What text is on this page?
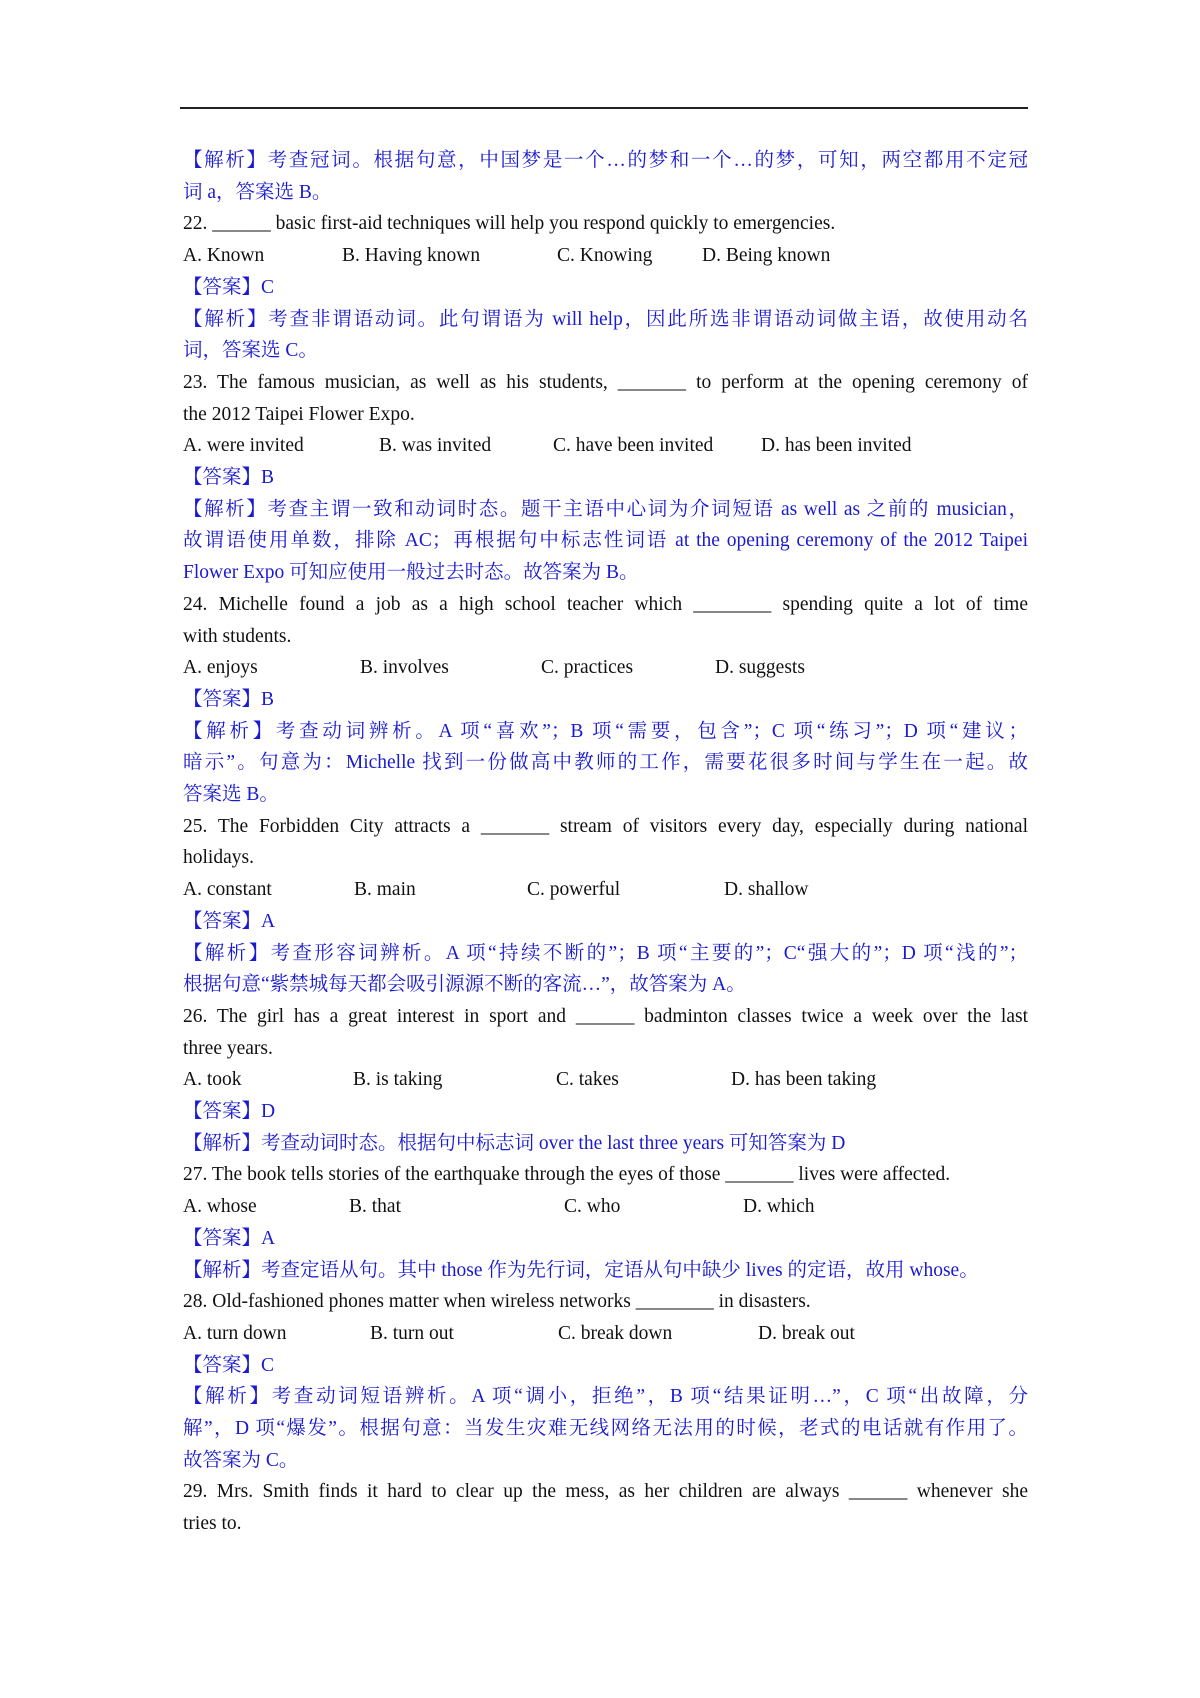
【解析】考查冠词。根据句意，中国梦是一个…的梦和一个…的梦，可知，两空都用不定冠
词 a，答案选 B。
22. ______ basic first-aid techniques will help you respond quickly to emergencies.
A. Known	B. Having known	C. Knowing	D. Being known
【答案】C
【解析】考查非谓语动词。此句谓语为 will help，因此所选非谓语动词做主语，故使用动名
词，答案选 C。
23. The famous musician, as well as his students, _______ to perform at the opening ceremony of
the 2012 Taipei Flower Expo.
A. were invited	B. was invited	C. have been invited D. has been invited
【答案】B
【解析】考查主谓一致和动词时态。题干主语中心词为介词短语 as well as 之前的 musician，
故谓语使用单数，排除 AC；再根据句中标志性词语 at the opening ceremony of the 2012 Taipei
Flower Expo 可知应使用一般过去时态。故答案为 B。
24. Michelle found a job as a high school teacher which ________ spending quite a lot of time
with students.
A. enjoys	B. involves	C. practices	D. suggests
【答案】B
【解析】考查动词辨析。A 项“喜欢”；B 项“需要，包含”；C 项“练习”；D 项“建议；
暗示”。句意为：Michelle 找到一份做高中教师的工作，需要花很多时间与学生在一起。故
答案选 B。
25. The Forbidden City attracts a _______ stream of visitors every day, especially during national
holidays.
A. constant	B. main	C. powerful	D. shallow
【答案】A
【解析】考查形容词辨析。A 项“持续不断的”；B 项“主要的”；C“强大的”；D 项“浅的”；
根据句意“紫禁城每天都会吸引源源不断的客流…”，故答案为 A。
26. The girl has a great interest in sport and ______ badminton classes twice a week over the last
three years.
A. took	B. is taking	C. takes	D. has been taking
【答案】D
【解析】考查动词时态。根据句中标志词 over the last three years 可知答案为 D
27. The book tells stories of the earthquake through the eyes of those _______ lives were affected.
A. whose	B. that	C. who	D. which
【答案】A
【解析】考查定语从句。其中 those 作为先行词，定语从句中缺少 lives 的定语，故用 whose。
28. Old-fashioned phones matter when wireless networks ________ in disasters.
A. turn down	B. turn out	C. break down	D. break out
【答案】C
【解析】考查动词短语辨析。A 项“调小，拒绝”，B 项“结果证明…”，C 项“出故障，分
解”，D 项“爆发”。根据句意：当发生灾难无线网络无法用的时候，老式的电话就有作用了。
故答案为 C。
29. Mrs. Smith finds it hard to clear up the mess, as her children are always ______ whenever she
tries to.
